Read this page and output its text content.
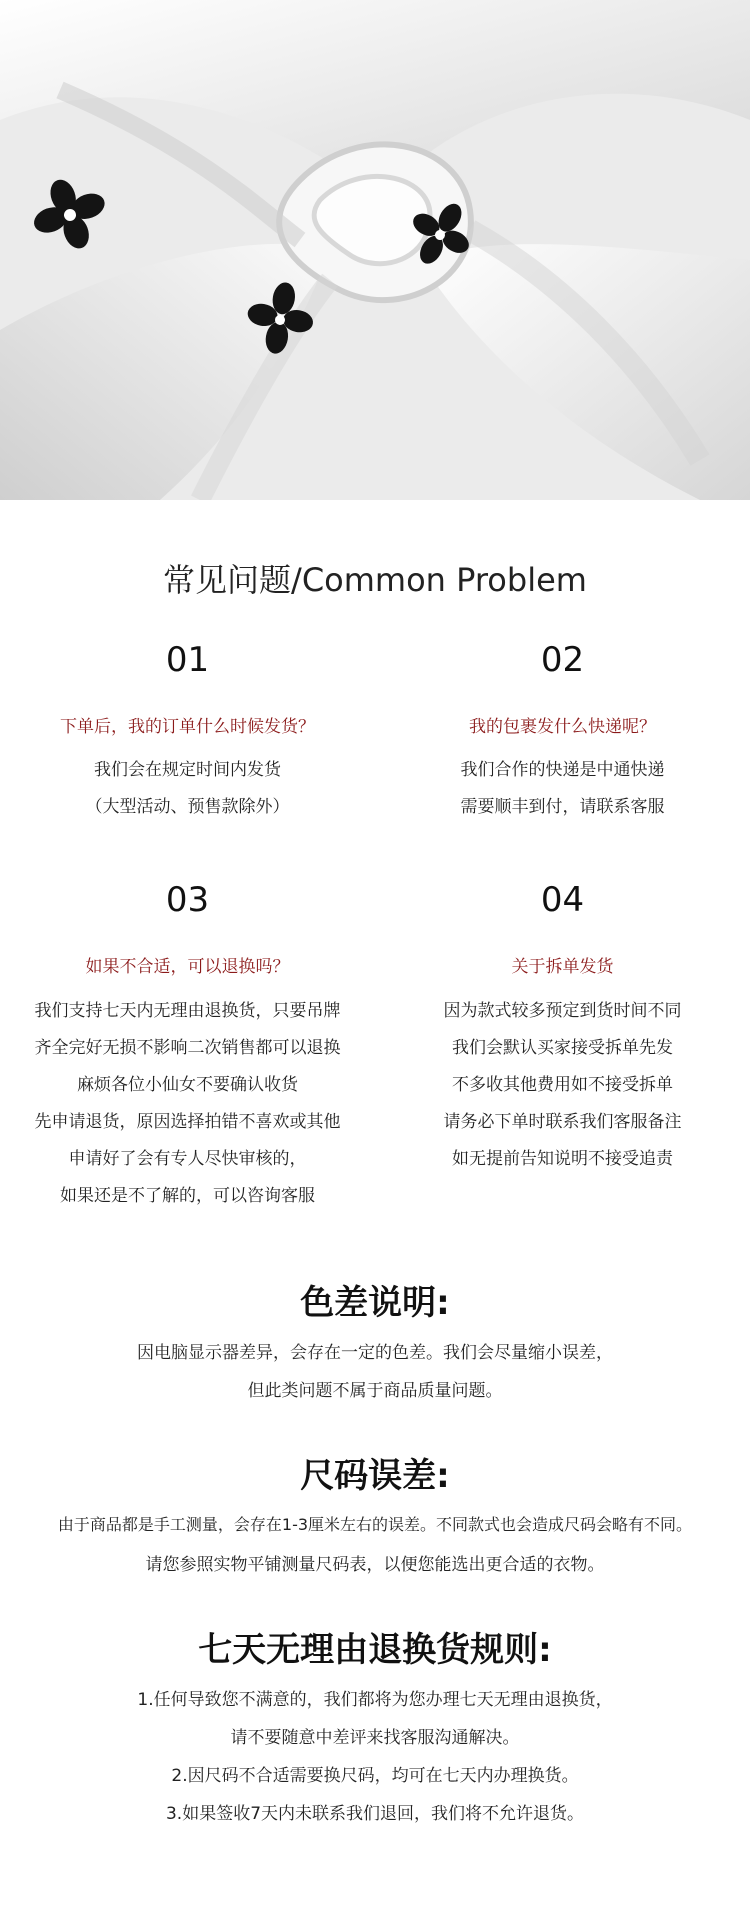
常见问题/Common Problem
01
下单后，我的订单什么时候发货？
我们会在规定时间内发货
（大型活动、预售款除外）
02
我的包裹发什么快递呢？
我们合作的快递是中通快递
需要顺丰到付，请联系客服
03
如果不合适，可以退换吗？
我们支持七天内无理由退换货，只要吊牌
齐全完好无损不影响二次销售都可以退换
麻烦各位小仙女不要确认收货
先申请退货，原因选择拍错不喜欢或其他
申请好了会有专人尽快审核的，
如果还是不了解的，可以咨询客服
04
关于拆单发货
因为款式较多预定到货时间不同
我们会默认买家接受拆单先发
不多收其他费用如不接受拆单
请务必下单时联系我们客服备注
如无提前告知说明不接受追责
色差说明:
因电脑显示器差异，会存在一定的色差。我们会尽量缩小误差，
但此类问题不属于商品质量问题。
尺码误差:
由于商品都是手工测量，会存在1-3厘米左右的误差。不同款式也会造成尺码会略有不同。
请您参照实物平铺测量尺码表，以便您能选出更合适的衣物。
七天无理由退换货规则:
1.任何导致您不满意的，我们都将为您办理七天无理由退换货，
请不要随意中差评来找客服沟通解决。
2.因尺码不合适需要换尺码，均可在七天内办理换货。
3.如果签收7天内未联系我们退回，我们将不允许退货。
